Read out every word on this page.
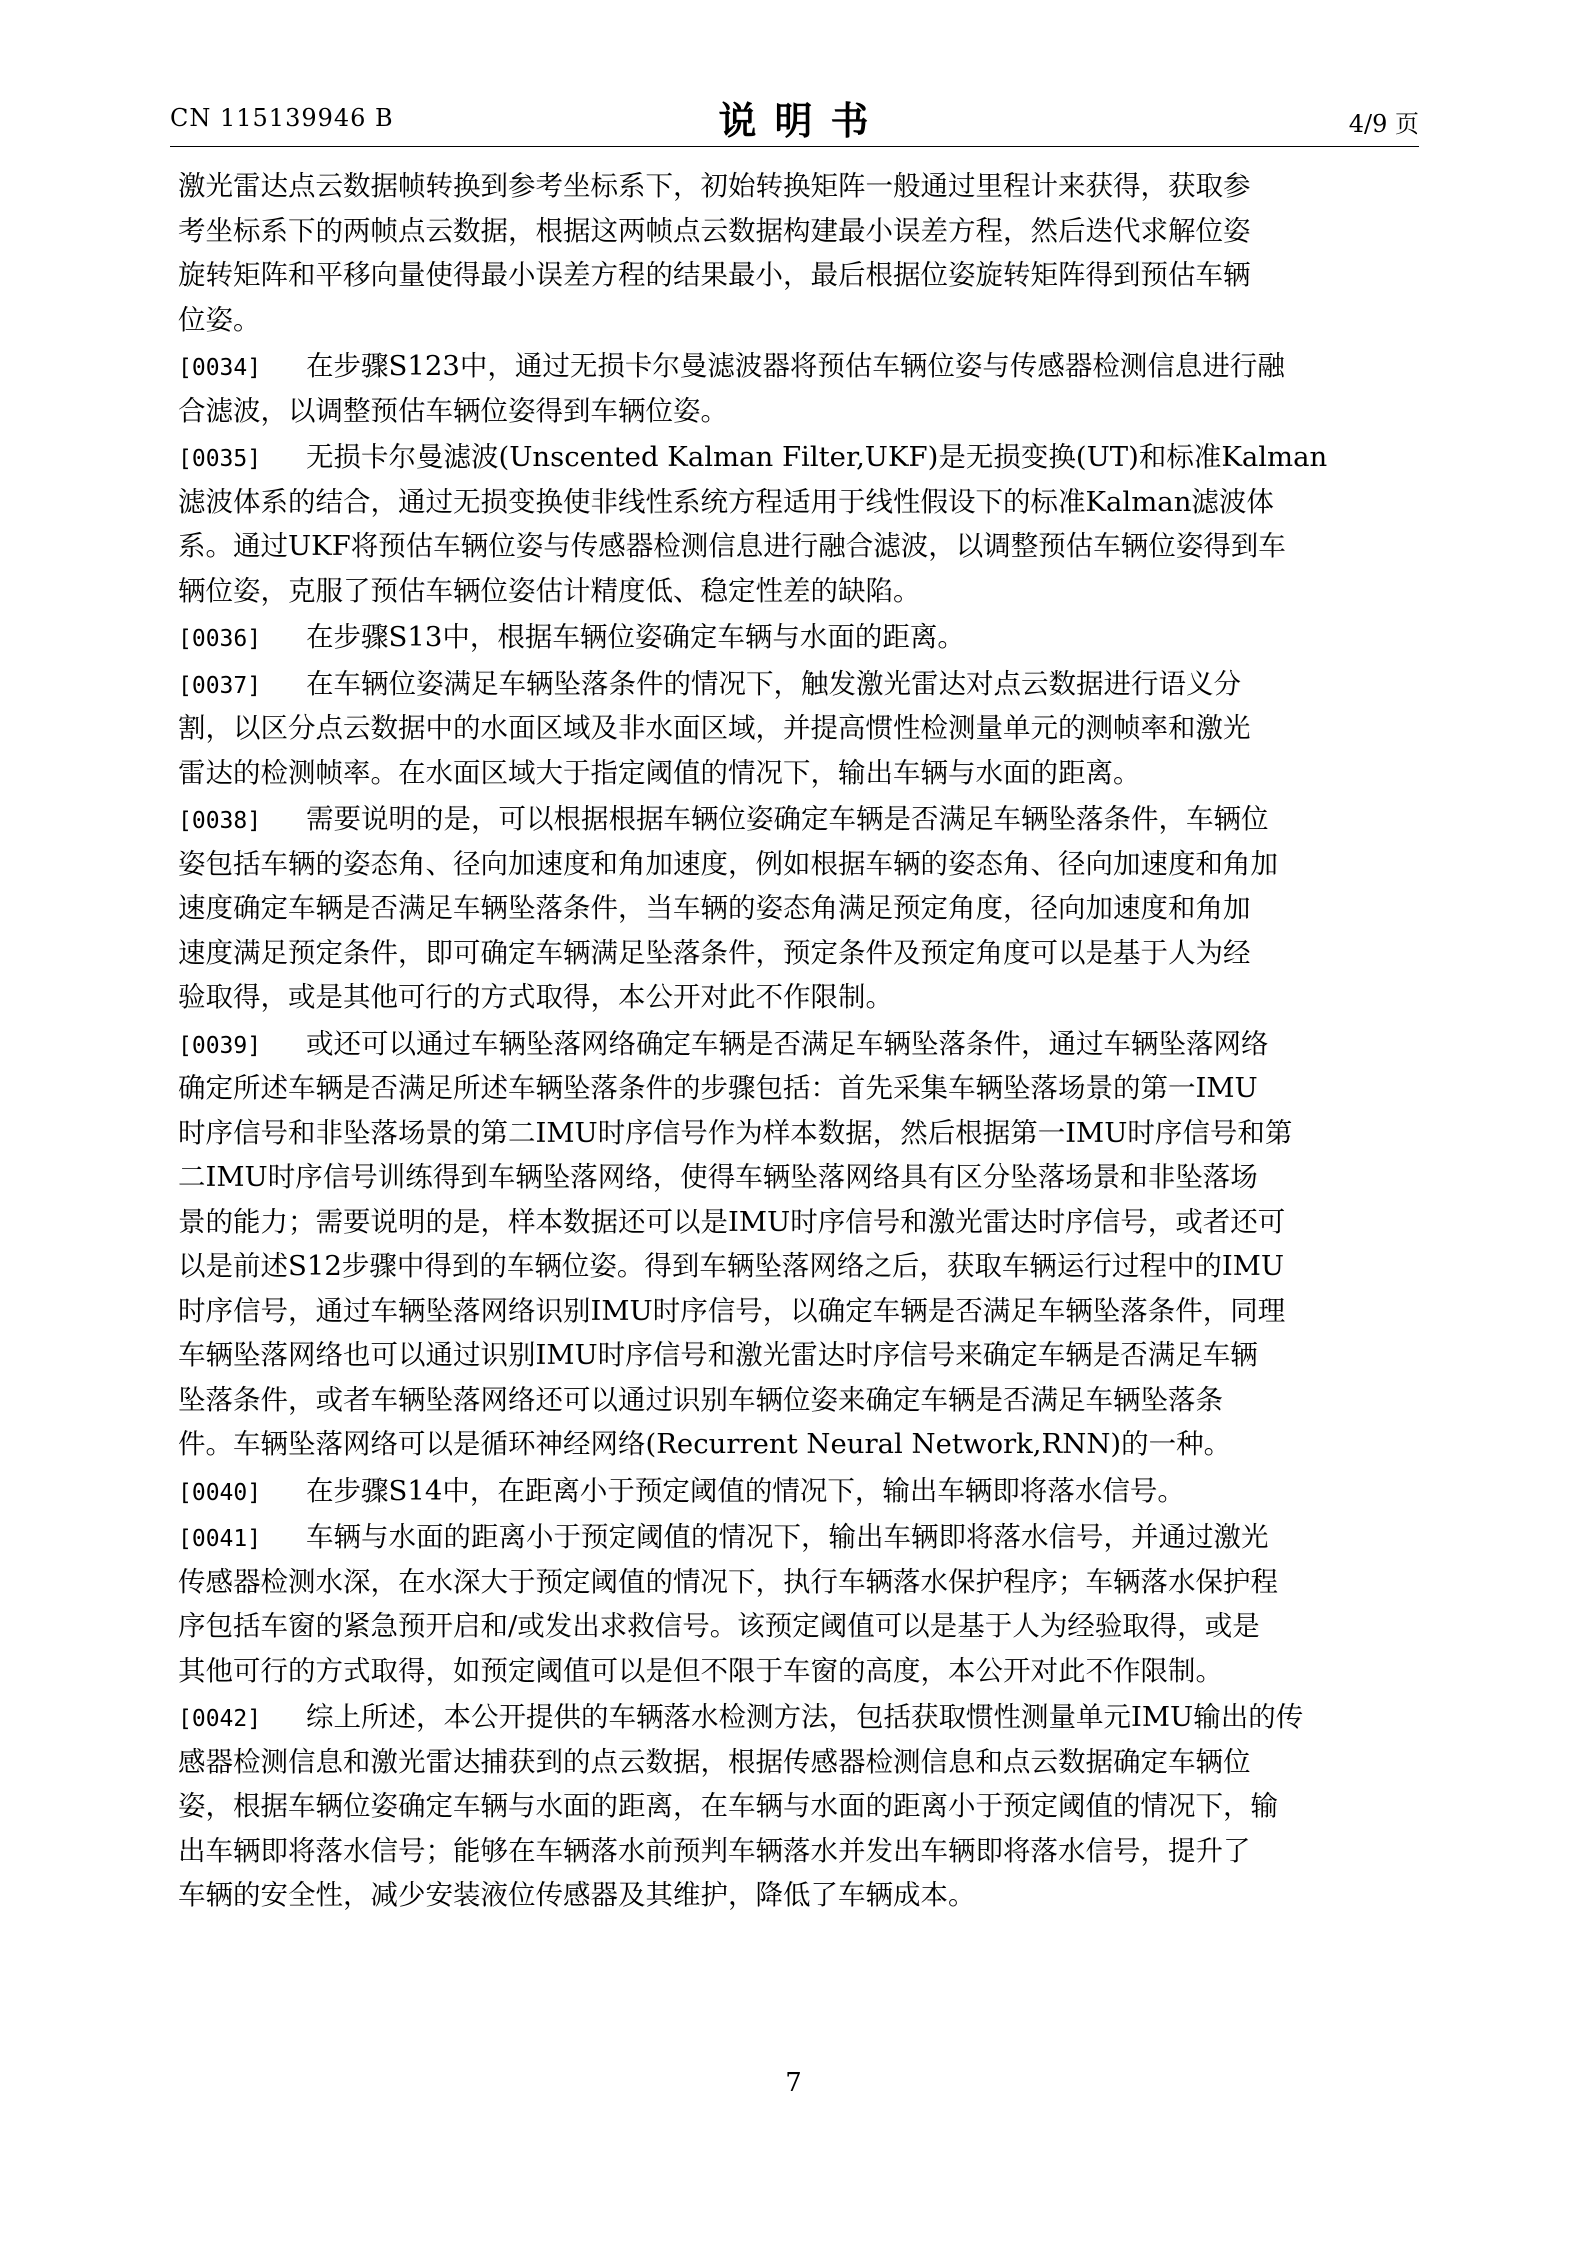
CN 115139946 B	说明书	4/9 页
激光雷达点云数据帧转换到参考坐标系下，初始转换矩阵一般通过里程计来获得，获取参
考坐标系下的两帧点云数据，根据这两帧点云数据构建最小误差方程，然后迭代求解位姿
旋转矩阵和平移向量使得最小误差方程的结果最小，最后根据位姿旋转矩阵得到预估车辆
位姿。
[0034] 在步骤S123中，通过无损卡尔曼滤波器将预估车辆位姿与传感器检测信息进行融
合滤波，以调整预估车辆位姿得到车辆位姿。
[0035] 无损卡尔曼滤波(Unscented Kalman Filter,UKF)是无损变换(UT)和标准Kalman
滤波体系的结合，通过无损变换使非线性系统方程适用于线性假设下的标准Kalman滤波体
系。通过UKF将预估车辆位姿与传感器检测信息进行融合滤波，以调整预估车辆位姿得到车
辆位姿，克服了预估车辆位姿估计精度低、稳定性差的缺陷。
[0036] 在步骤S13中，根据车辆位姿确定车辆与水面的距离。
[0037] 在车辆位姿满足车辆坠落条件的情况下，触发激光雷达对点云数据进行语义分
割，以区分点云数据中的水面区域及非水面区域，并提高惯性检测量单元的测帧率和激光
雷达的检测帧率。在水面区域大于指定阈值的情况下，输出车辆与水面的距离。
[0038] 需要说明的是，可以根据根据车辆位姿确定车辆是否满足车辆坠落条件，车辆位
姿包括车辆的姿态角、径向加速度和角加速度，例如根据车辆的姿态角、径向加速度和角加
速度确定车辆是否满足车辆坠落条件，当车辆的姿态角满足预定角度，径向加速度和角加
速度满足预定条件，即可确定车辆满足坠落条件，预定条件及预定角度可以是基于人为经
验取得，或是其他可行的方式取得，本公开对此不作限制。
[0039] 或还可以通过车辆坠落网络确定车辆是否满足车辆坠落条件，通过车辆坠落网络
确定所述车辆是否满足所述车辆坠落条件的步骤包括：首先采集车辆坠落场景的第一IMU
时序信号和非坠落场景的第二IMU时序信号作为样本数据，然后根据第一IMU时序信号和第
二IMU时序信号训练得到车辆坠落网络，使得车辆坠落网络具有区分坠落场景和非坠落场
景的能力；需要说明的是，样本数据还可以是IMU时序信号和激光雷达时序信号，或者还可
以是前述S12步骤中得到的车辆位姿。得到车辆坠落网络之后，获取车辆运行过程中的IMU
时序信号，通过车辆坠落网络识别IMU时序信号，以确定车辆是否满足车辆坠落条件，同理
车辆坠落网络也可以通过识别IMU时序信号和激光雷达时序信号来确定车辆是否满足车辆
坠落条件，或者车辆坠落网络还可以通过识别车辆位姿来确定车辆是否满足车辆坠落条
件。车辆坠落网络可以是循环神经网络(Recurrent Neural Network,RNN)的一种。
[0040] 在步骤S14中，在距离小于预定阈值的情况下，输出车辆即将落水信号。
[0041] 车辆与水面的距离小于预定阈值的情况下，输出车辆即将落水信号，并通过激光
传感器检测水深，在水深大于预定阈值的情况下，执行车辆落水保护程序；车辆落水保护程
序包括车窗的紧急预开启和/或发出求救信号。该预定阈值可以是基于人为经验取得，或是
其他可行的方式取得，如预定阈值可以是但不限于车窗的高度，本公开对此不作限制。
[0042] 综上所述，本公开提供的车辆落水检测方法，包括获取惯性测量单元IMU输出的传
感器检测信息和激光雷达捕获到的点云数据，根据传感器检测信息和点云数据确定车辆位
姿，根据车辆位姿确定车辆与水面的距离，在车辆与水面的距离小于预定阈值的情况下，输
出车辆即将落水信号；能够在车辆落水前预判车辆落水并发出车辆即将落水信号，提升了
车辆的安全性，减少安装液位传感器及其维护，降低了车辆成本。
7
